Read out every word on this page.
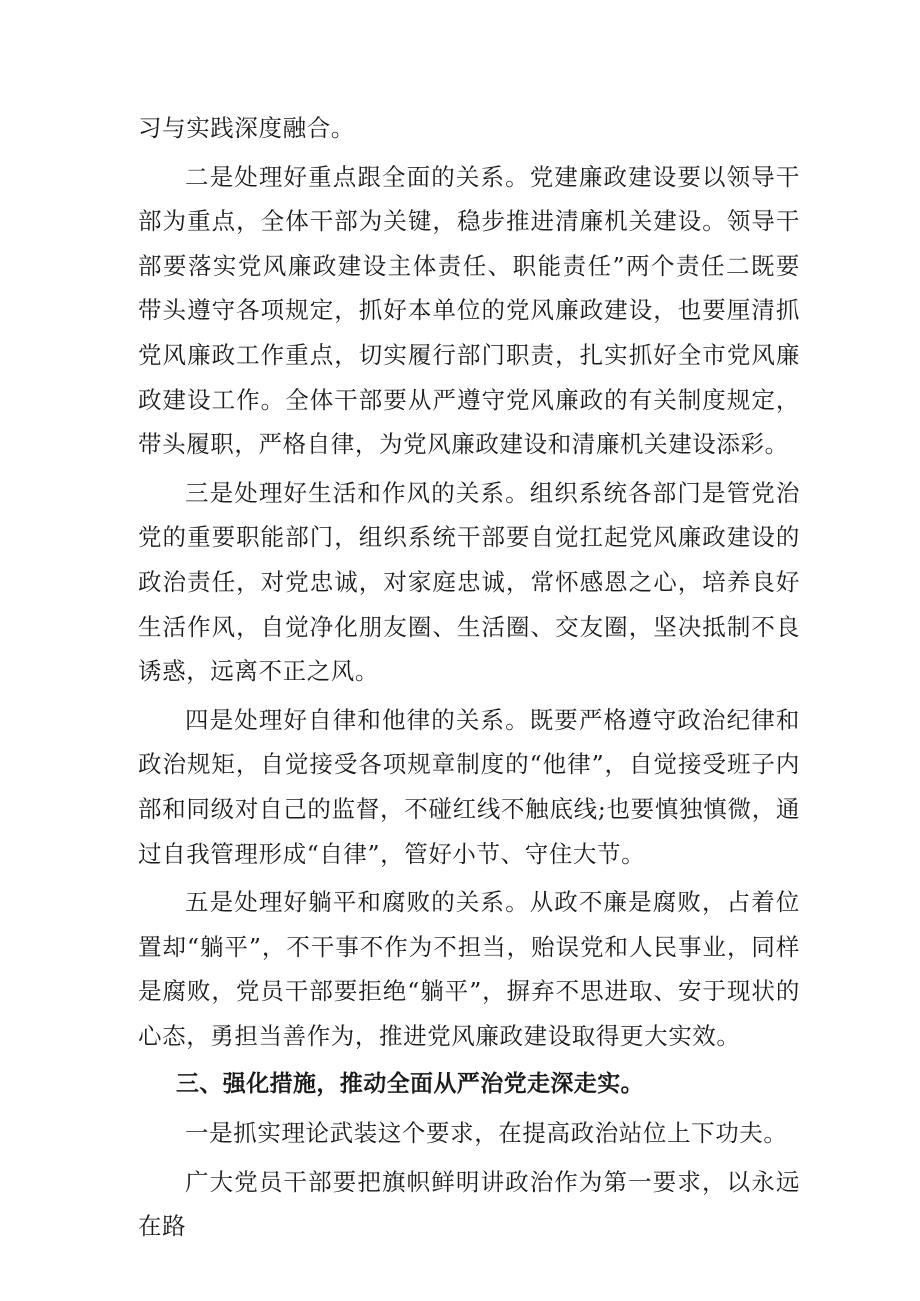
习与实践深度融合。

二是处理好重点跟全面的关系。党建廉政建设要以领导干部为重点，全体干部为关键，稳步推进清廉机关建设。领导干部要落实党风廉政建设主体责任、职能责任”两个责任二既要带头遵守各项规定，抓好本单位的党风廉政建设，也要厘清抓党风廉政工作重点，切实履行部门职责，扎实抓好全市党风廉政建设工作。全体干部要从严遵守党风廉政的有关制度规定，带头履职，严格自律，为党风廉政建设和清廉机关建设添彩。

三是处理好生活和作风的关系。组织系统各部门是管党治党的重要职能部门，组织系统干部要自觉扛起党风廉政建设的政治责任，对党忠诚，对家庭忠诚，常怀感恩之心，培养良好生活作风，自觉净化朋友圈、生活圈、交友圈，坚决抵制不良诱惑，远离不正之风。

四是处理好自律和他律的关系。既要严格遵守政治纪律和政治规矩，自觉接受各项规章制度的“他律”，自觉接受班子内部和同级对自己的监督，不碰红线不触底线;也要慎独慎微，通过自我管理形成“自律”，管好小节、守住大节。

五是处理好躺平和腐败的关系。从政不廉是腐败，占着位置却“躺平”，不干事不作为不担当，贻误党和人民事业，同样是腐败，党员干部要拒绝“躺平”，摒弃不思进取、安于现状的心态，勇担当善作为，推进党风廉政建设取得更大实效。

三、强化措施，推动全面从严治党走深走实。

一是抓实理论武装这个要求，在提高政治站位上下功夫。

广大党员干部要把旗帜鲜明讲政治作为第一要求，以永远在路
